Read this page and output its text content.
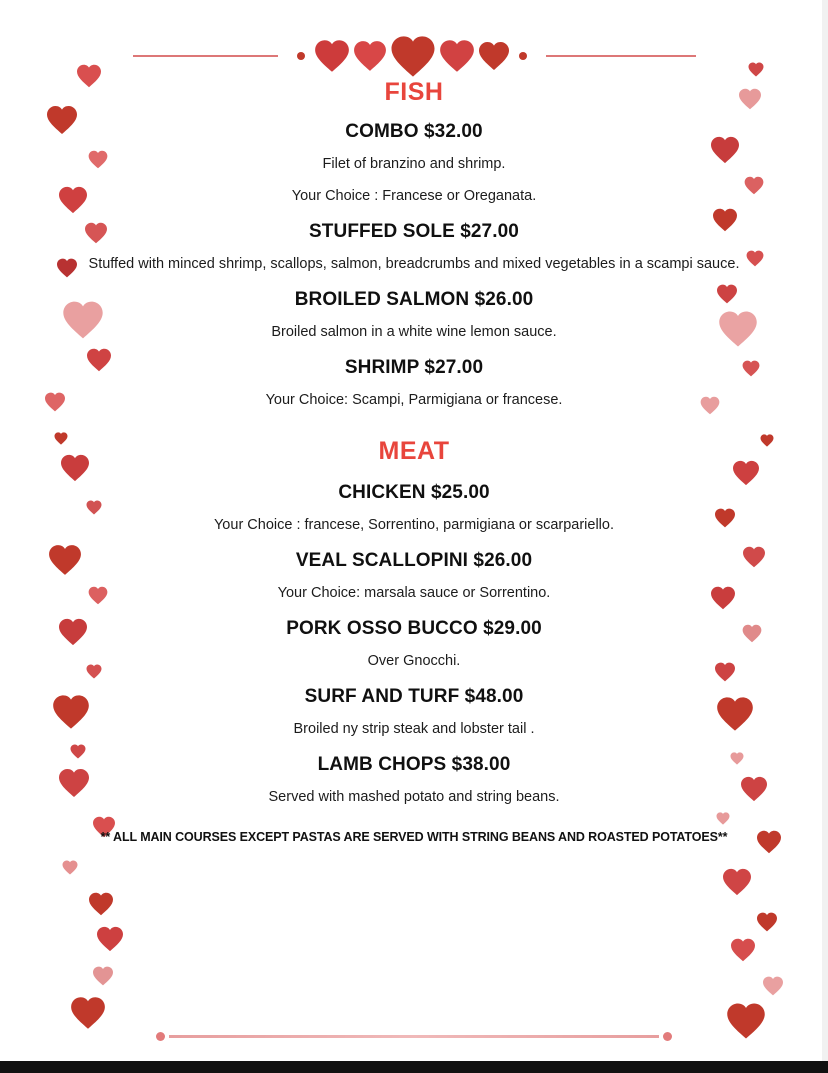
FISH
COMBO $32.00
Filet of branzino and shrimp.
Your Choice : Francese or Oreganata.
STUFFED SOLE $27.00
Stuffed with minced shrimp, scallops, salmon, breadcrumbs and mixed vegetables in a scampi sauce.
BROILED SALMON $26.00
Broiled salmon in a white wine lemon sauce.
SHRIMP $27.00
Your Choice: Scampi, Parmigiana or francese.
MEAT
CHICKEN $25.00
Your Choice : francese, Sorrentino, parmigiana or scarpariello.
VEAL SCALLOPINI $26.00
Your Choice: marsala sauce or Sorrentino.
PORK OSSO BUCCO $29.00
Over Gnocchi.
SURF AND TURF $48.00
Broiled ny strip steak and lobster tail .
LAMB CHOPS $38.00
Served with mashed potato and string beans.
** ALL MAIN COURSES EXCEPT PASTAS ARE SERVED WITH STRING BEANS AND ROASTED POTATOES**
